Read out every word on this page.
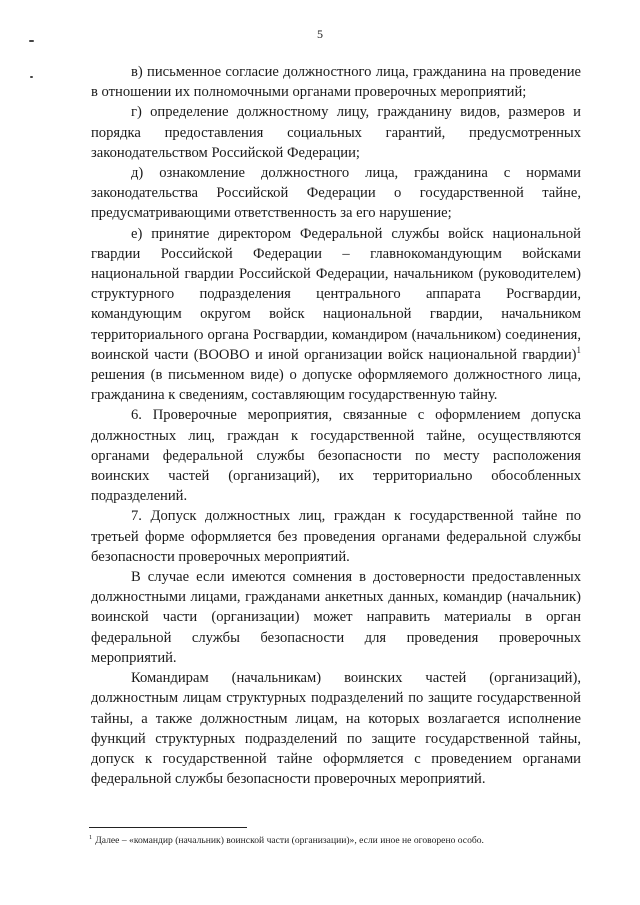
5

в) письменное согласие должностного лица, гражданина на проведение в отношении их полномочными органами проверочных мероприятий;

г) определение должностному лицу, гражданину видов, размеров и порядка предоставления социальных гарантий, предусмотренных законодательством Российской Федерации;

д) ознакомление должностного лица, гражданина с нормами законодательства Российской Федерации о государственной тайне, предусматривающими ответственность за его нарушение;

е) принятие директором Федеральной службы войск национальной гвардии Российской Федерации – главнокомандующим войсками национальной гвардии Российской Федерации, начальником (руководителем) структурного подразделения центрального аппарата Росгвардии, командующим округом войск национальной гвардии, начальником территориального органа Росгвардии, командиром (начальником) соединения, воинской части (ВООВО и иной организации войск национальной гвардии)$^1$ решения (в письменном виде) о допуске оформляемого должностного лица, гражданина к сведениям, составляющим государственную тайну.

6. Проверочные мероприятия, связанные с оформлением допуска должностных лиц, граждан к государственной тайне, осуществляются органами федеральной службы безопасности по месту расположения воинских частей (организаций), их территориально обособленных подразделений.

7. Допуск должностных лиц, граждан к государственной тайне по третьей форме оформляется без проведения органами федеральной службы безопасности проверочных мероприятий.

В случае если имеются сомнения в достоверности предоставленных должностными лицами, гражданами анкетных данных, командир (начальник) воинской части (организации) может направить материалы в орган федеральной службы безопасности для проведения проверочных мероприятий.

Командирам (начальникам) воинских частей (организаций), должностным лицам структурных подразделений по защите государственной тайны, а также должностным лицам, на которых возлагается исполнение функций структурных подразделений по защите государственной тайны, допуск к государственной тайне оформляется с проведением органами федеральной службы безопасности проверочных мероприятий.

$^1$ Далее – «командир (начальник) воинской части (организации)», если иное не оговорено особо.
